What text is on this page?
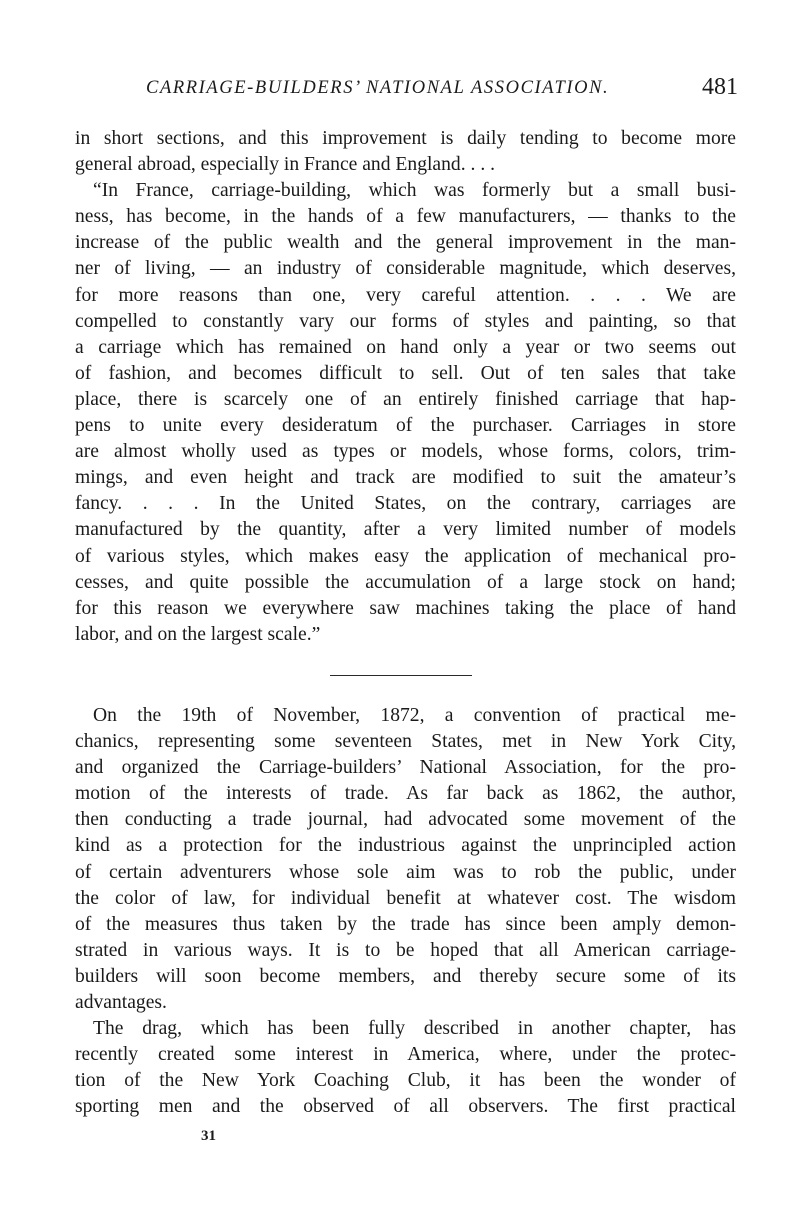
CARRIAGE-BUILDERS’ NATIONAL ASSOCIATION.	481
in short sections, and this improvement is daily tending to become more
general abroad, especially in France and England. . . .
“In France, carriage-building, which was formerly but a small busi-
ness, has become, in the hands of a few manufacturers, — thanks to the
increase of the public wealth and the general improvement in the man-
ner of living, — an industry of considerable magnitude, which deserves,
for more reasons than one, very careful attention. . . . We are
compelled to constantly vary our forms of styles and painting, so that
a carriage which has remained on hand only a year or two seems out
of fashion, and becomes difficult to sell. Out of ten sales that take
place, there is scarcely one of an entirely finished carriage that hap-
pens to unite every desideratum of the purchaser. Carriages in store
are almost wholly used as types or models, whose forms, colors, trim-
mings, and even height and track are modified to suit the amateur’s
fancy. . . . In the United States, on the contrary, carriages are
manufactured by the quantity, after a very limited number of models
of various styles, which makes easy the application of mechanical pro-
cesses, and quite possible the accumulation of a large stock on hand;
for this reason we everywhere saw machines taking the place of hand
labor, and on the largest scale.”
On the 19th of November, 1872, a convention of practical me-
chanics, representing some seventeen States, met in New York City,
and organized the Carriage-builders’ National Association, for the pro-
motion of the interests of trade. As far back as 1862, the author,
then conducting a trade journal, had advocated some movement of the
kind as a protection for the industrious against the unprincipled action
of certain adventurers whose sole aim was to rob the public, under
the color of law, for individual benefit at whatever cost. The wisdom
of the measures thus taken by the trade has since been amply demon-
strated in various ways. It is to be hoped that all American carriage-
builders will soon become members, and thereby secure some of its
advantages.
The drag, which has been fully described in another chapter, has
recently created some interest in America, where, under the protec-
tion of the New York Coaching Club, it has been the wonder of
sporting men and the observed of all observers. The first practical
31
